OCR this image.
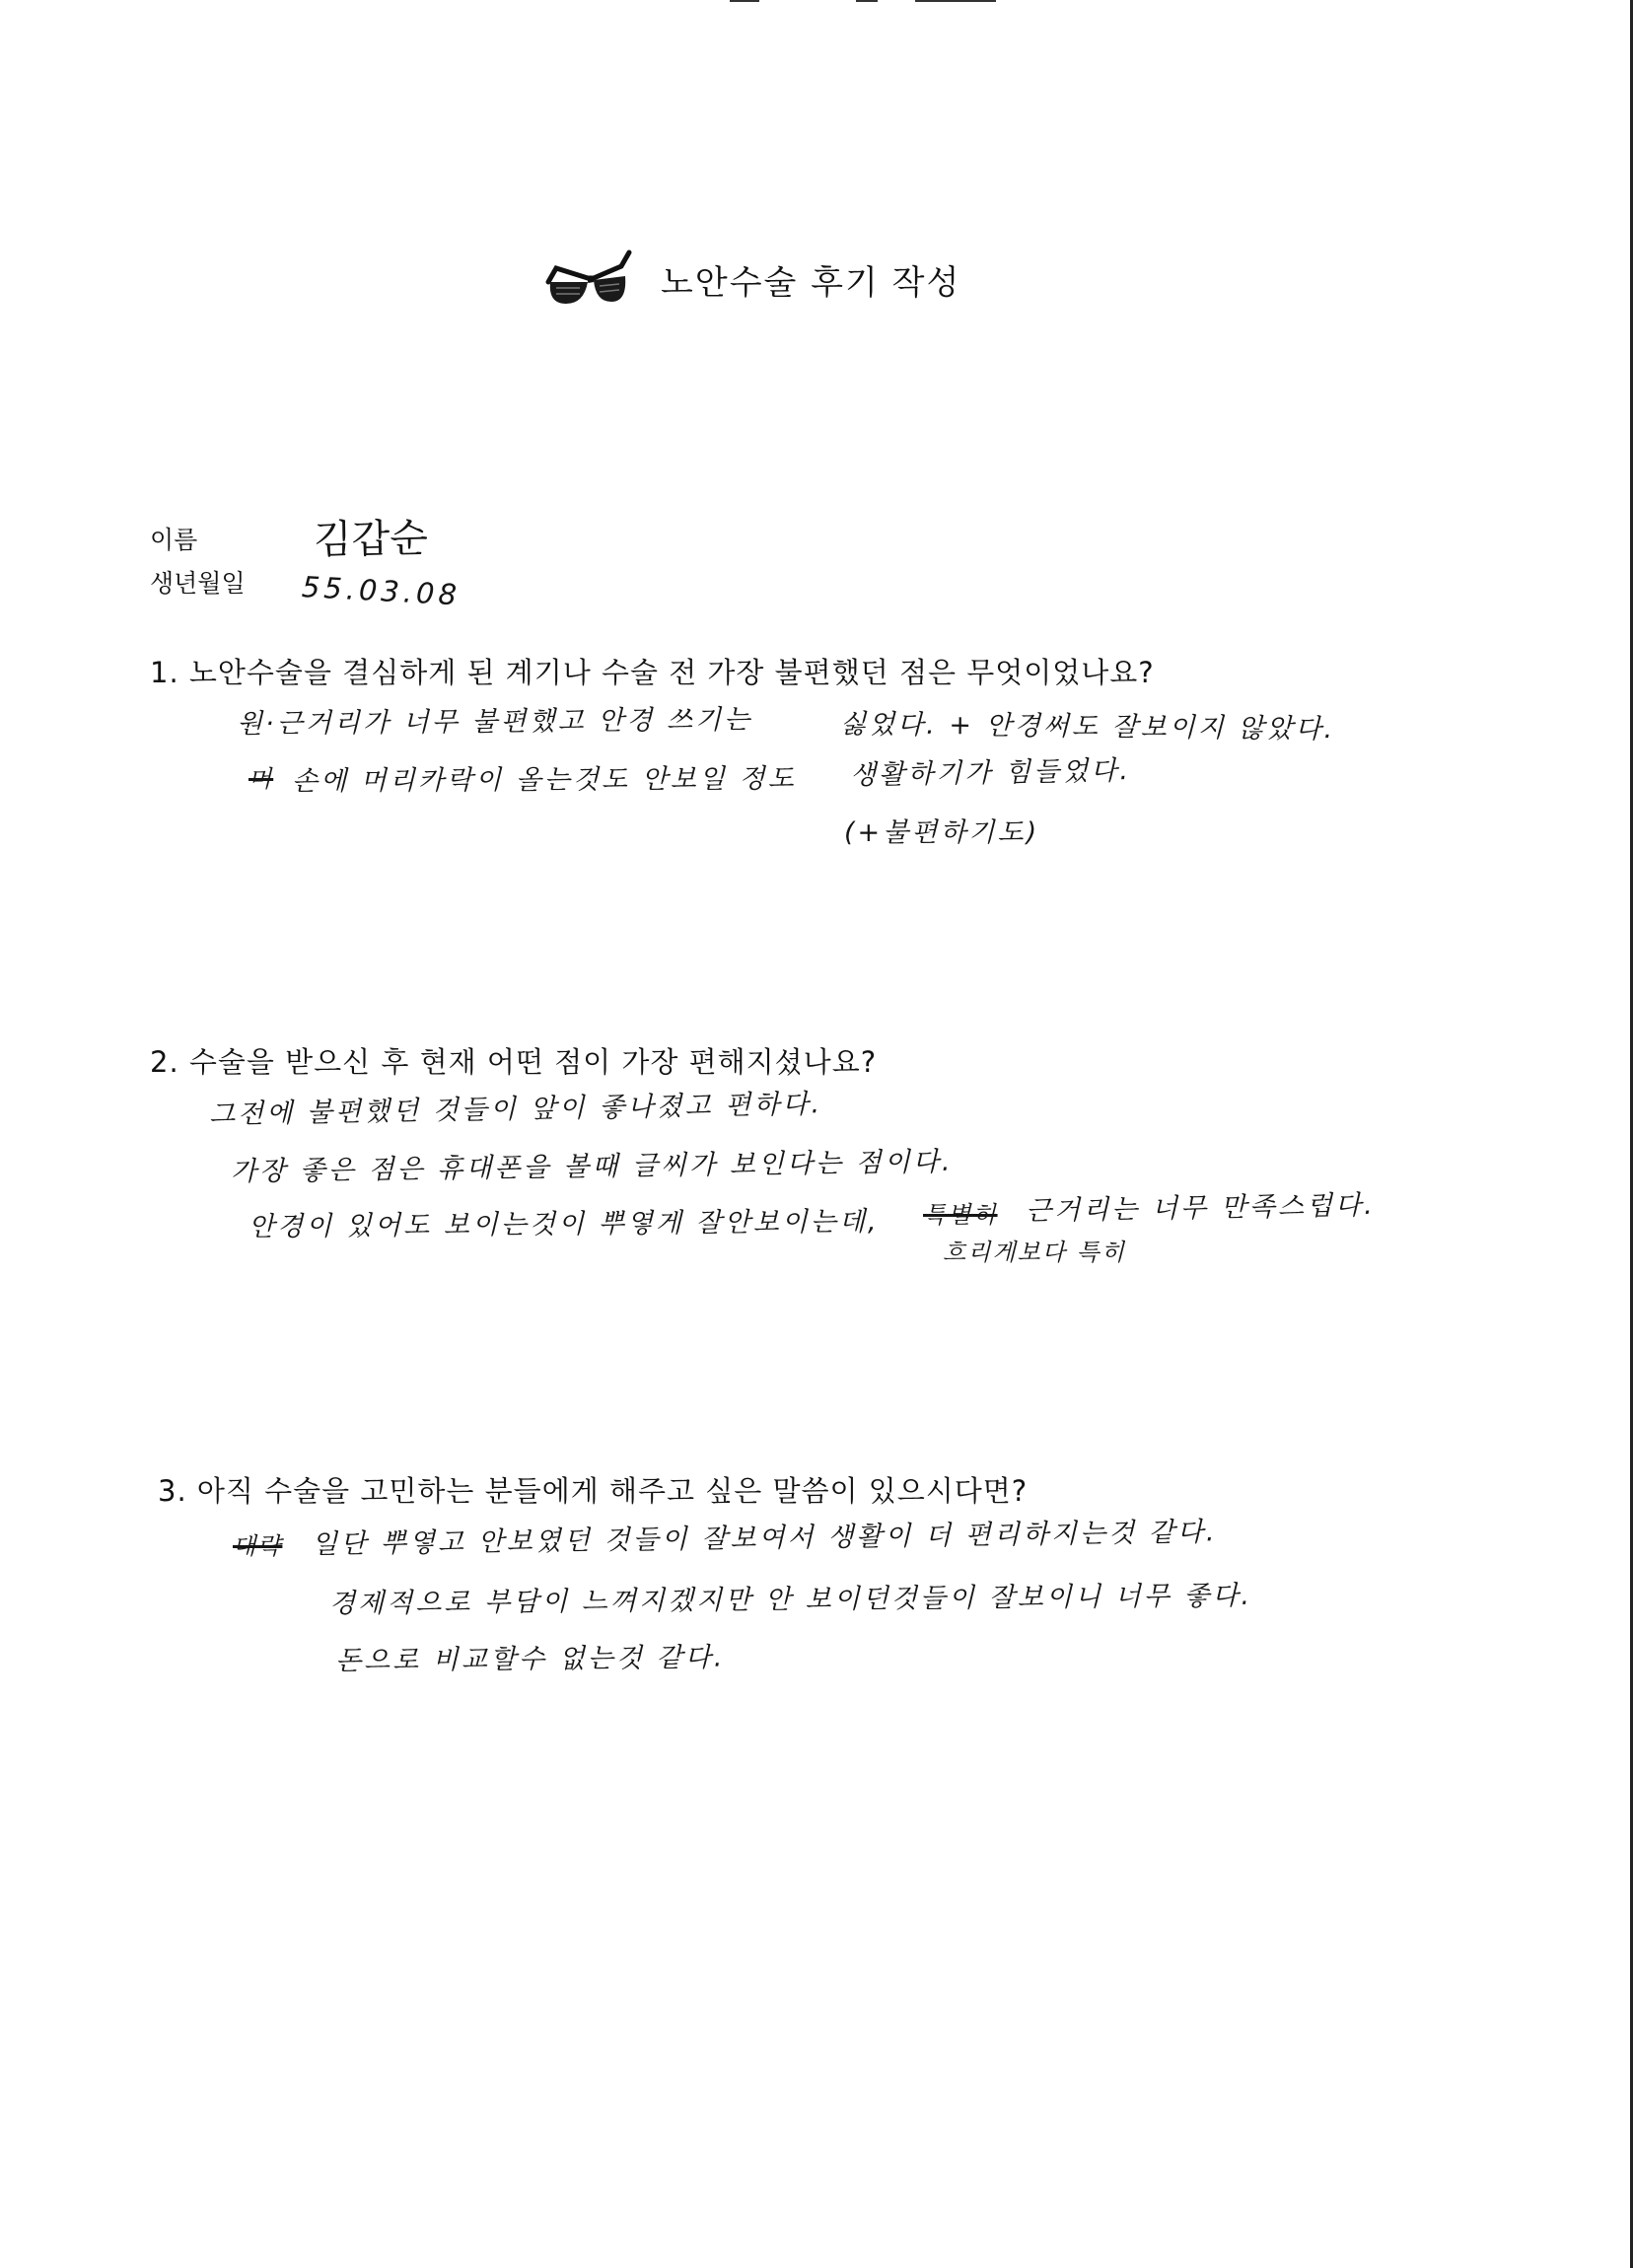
노안수술 후기 작성
이름	김갑순
생년월일 55.03.08
1. 노안수술을 결심하게 된 계기나 수술 전 가장 불편했던 점은 무엇이었나요?
원·근거리가 너무 불편했고 안경 쓰기는	싫었다. + 안경써도 잘보이지 않았다.
머 손에 머리카락이 올는것도 안보일 정도 생활하기가 힘들었다.
(+불편하기도)
2. 수술을 받으신 후 현재 어떤 점이 가장 편해지셨나요?
그전에 불편했던 것들이 앞이 좋나졌고 편하다.
가장 좋은 점은 휴대폰을 볼때 글씨가 보인다는 점이다.
안경이 있어도 보이는것이 뿌옇게 잘안보이는데, 특별히 근거리는 너무 만족스럽다.
흐리게보다 특히
3. 아직 수술을 고민하는 분들에게 해주고 싶은 말씀이 있으시다면?
대략 일단 뿌옇고 안보였던 것들이 잘보여서 생활이 더 편리하지는것 같다.
경제적으로 부담이 느껴지겠지만 안 보이던것들이 잘보이니 너무 좋다.
돈으로 비교할수 없는것 같다.
